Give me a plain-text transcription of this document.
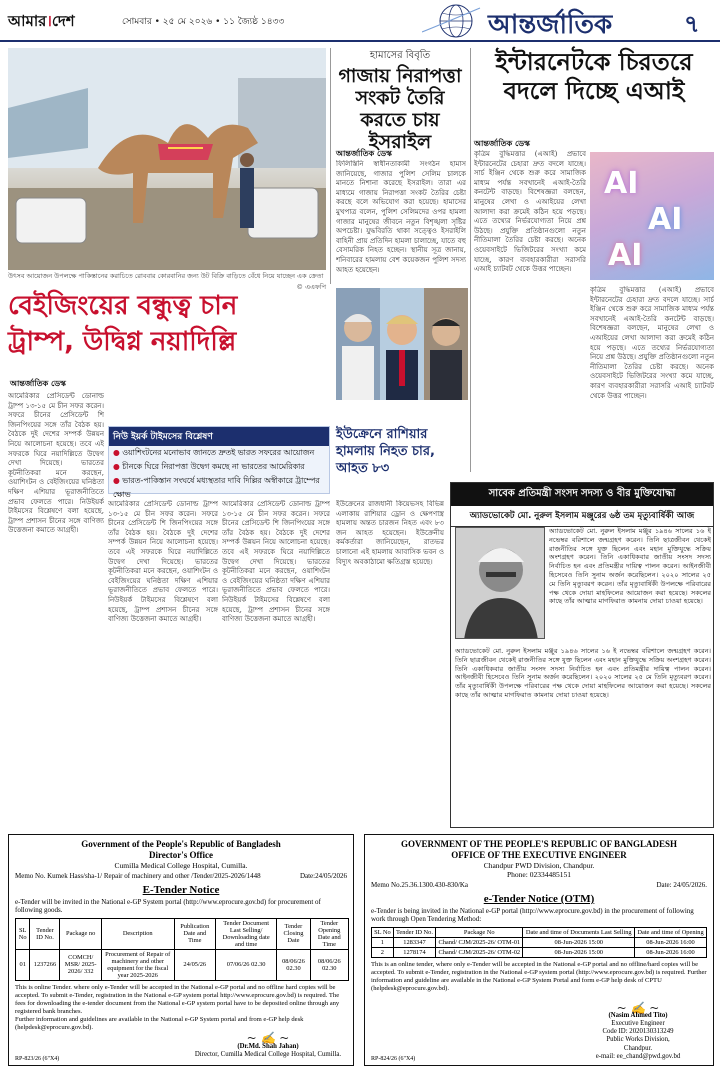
আমার।দেশ	সোমবার • ২৫ মে ২০২৬ • ১১ জ্যৈষ্ঠ ১৪৩৩	আন্তর্জাতিক	৭
উৎসব আয়োজন উপলক্ষে পাকিস্তানের করাচিতে রোববার কোরবানির জন্য উট বিক্রি বাড়িতে বেঁধে নিয়ে যাচ্ছেন এক ক্রেতা
© এএফপি
হামাসের বিবৃতি
গাজায় নিরাপত্তা সংকট তৈরি করতে চায় ইসরাইল
আন্তর্জাতিক ডেস্ক
ফিলিস্তিনি স্বাধীনতাকামী সংগঠন হামাস জানিয়েছে, গাজার পুলিশ সেলিম চালকে মানতে নিশানা করেছে ইসরাইল। তারা এর মাধ্যমে গাজায় নিরাপত্তা সংকট তৈরির চেষ্টা করছে বলে অভিযোগ করা হয়েছে। হামাসের মুখপাত্র বলেন, পুলিশ সেলিমদের ওপর হামলা গাজার মানুষের জীবনে নতুন বিশৃঙ্খলা সৃষ্টির অপচেষ্টা। যুদ্ধবিরতি থাকা সত্ত্বেও ইসরাইলি বাহিনী প্রায় প্রতিদিন হামলা চালাচ্ছে, যাতে বহু বেসামরিক নিহত হচ্ছেন। স্থানীয় সূত্র জানায়, শনিবারের হামলায় বেশ কয়েকজন পুলিশ সদস্য আহত হয়েছেন।
ইন্টারনেটকে চিরতরে বদলে দিচ্ছে এআই
আন্তর্জাতিক ডেস্ক
কৃত্রিম বুদ্ধিমত্তার (এআই) প্রভাবে ইন্টারনেটের চেহারা দ্রুত বদলে যাচ্ছে। সার্চ ইঞ্জিন থেকে শুরু করে সামাজিক মাধ্যম পর্যন্ত সবখানেই এআই-তৈরি কনটেন্ট বাড়ছে। বিশেষজ্ঞরা বলছেন, মানুষের লেখা ও এআইয়ের লেখা আলাদা করা ক্রমেই কঠিন হয়ে পড়ছে। এতে তথ্যের নির্ভরযোগ্যতা নিয়ে প্রশ্ন উঠছে। প্রযুক্তি প্রতিষ্ঠানগুলো নতুন নীতিমালা তৈরির চেষ্টা করছে। অনেক ওয়েবসাইটে ভিজিটরের সংখ্যা কমে যাচ্ছে, কারণ ব্যবহারকারীরা সরাসরি এআই চ্যাটবট থেকে উত্তর পাচ্ছেন।
AI
AI
AI
কৃত্রিম বুদ্ধিমত্তার (এআই) প্রভাবে ইন্টারনেটের চেহারা দ্রুত বদলে যাচ্ছে। সার্চ ইঞ্জিন থেকে শুরু করে সামাজিক মাধ্যম পর্যন্ত সবখানেই এআই-তৈরি কনটেন্ট বাড়ছে। বিশেষজ্ঞরা বলছেন, মানুষের লেখা ও এআইয়ের লেখা আলাদা করা ক্রমেই কঠিন হয়ে পড়ছে। এতে তথ্যের নির্ভরযোগ্যতা নিয়ে প্রশ্ন উঠছে। প্রযুক্তি প্রতিষ্ঠানগুলো নতুন নীতিমালা তৈরির চেষ্টা করছে। অনেক ওয়েবসাইটে ভিজিটরের সংখ্যা কমে যাচ্ছে, কারণ ব্যবহারকারীরা সরাসরি এআই চ্যাটবট থেকে উত্তর পাচ্ছেন।
বেইজিংয়ের বন্ধুত্ব চান
ট্রাম্প, উদ্বিগ্ন নয়াদিল্লি
আন্তর্জাতিক ডেস্ক
আমেরিকার প্রেসিডেন্ট ডোনাল্ড ট্রাম্প ১৩-১৫ মে চীন সফর করেন। সফরে চীনের প্রেসিডেন্ট শি জিনপিংয়ের সঙ্গে তাঁর বৈঠক হয়। বৈঠকে দুই দেশের সম্পর্ক উন্নয়ন নিয়ে আলোচনা হয়েছে। তবে এই সফরকে ঘিরে নয়াদিল্লিতে উদ্বেগ দেখা দিয়েছে। ভারতের কূটনীতিকরা মনে করছেন, ওয়াশিংটন ও বেইজিংয়ের ঘনিষ্ঠতা দক্ষিণ এশিয়ার ভূরাজনীতিতে প্রভাব ফেলতে পারে। নিউইয়র্ক টাইমসের বিশ্লেষণে বলা হয়েছে, ট্রাম্প প্রশাসন চীনের সঙ্গে বাণিজ্য উত্তেজনা কমাতে আগ্রহী।
আমেরিকার প্রেসিডেন্ট ডোনাল্ড ট্রাম্প ১৩-১৫ মে চীন সফর করেন। সফরে চীনের প্রেসিডেন্ট শি জিনপিংয়ের সঙ্গে তাঁর বৈঠক হয়। বৈঠকে দুই দেশের সম্পর্ক উন্নয়ন নিয়ে আলোচনা হয়েছে। তবে এই সফরকে ঘিরে নয়াদিল্লিতে উদ্বেগ দেখা দিয়েছে। ভারতের কূটনীতিকরা মনে করছেন, ওয়াশিংটন ও বেইজিংয়ের ঘনিষ্ঠতা দক্ষিণ এশিয়ার ভূরাজনীতিতে প্রভাব ফেলতে পারে। নিউইয়র্ক টাইমসের বিশ্লেষণে বলা হয়েছে, ট্রাম্প প্রশাসন চীনের সঙ্গে বাণিজ্য উত্তেজনা কমাতে আগ্রহী।
আমেরিকার প্রেসিডেন্ট ডোনাল্ড ট্রাম্প ১৩-১৫ মে চীন সফর করেন। সফরে চীনের প্রেসিডেন্ট শি জিনপিংয়ের সঙ্গে তাঁর বৈঠক হয়। বৈঠকে দুই দেশের সম্পর্ক উন্নয়ন নিয়ে আলোচনা হয়েছে। তবে এই সফরকে ঘিরে নয়াদিল্লিতে উদ্বেগ দেখা দিয়েছে। ভারতের কূটনীতিকরা মনে করছেন, ওয়াশিংটন ও বেইজিংয়ের ঘনিষ্ঠতা দক্ষিণ এশিয়ার ভূরাজনীতিতে প্রভাব ফেলতে পারে। নিউইয়র্ক টাইমসের বিশ্লেষণে বলা হয়েছে, ট্রাম্প প্রশাসন চীনের সঙ্গে বাণিজ্য উত্তেজনা কমাতে আগ্রহী।
নিউ ইয়র্ক টাইমসের বিশ্লেষণ
● ওয়াশিংটনের মনোভাব জানতে দ্রুতই ভারত সফরের আয়োজন
● চীনকে ঘিরে নিরাপত্তা উদ্বেগ কমছে না ভারতের আমেরিকার
● ভারত-পাকিস্তান সংঘর্ষে মধ্যস্থতার দাবি দিল্লির অস্বীকারে ট্রাম্পের ক্ষোভ
ইউক্রেনে রাশিয়ার হামলায় নিহত চার, আহত ৮৩
ইউক্রেনের রাজধানী কিয়েভসহ বিভিন্ন এলাকায় রাশিয়ার ড্রোন ও ক্ষেপণাস্ত্র হামলায় অন্তত চারজন নিহত এবং ৮৩ জন আহত হয়েছেন। ইউক্রেনীয় কর্মকর্তারা জানিয়েছেন, রাতভর চালানো এই হামলায় আবাসিক ভবন ও বিদ্যুৎ অবকাঠামো ক্ষতিগ্রস্ত হয়েছে।
সাবেক প্রতিমন্ত্রী সংসদ সদস্য ও বীর মুক্তিযোদ্ধা
অ্যাডভোকেট মো. নুরুল ইসলাম মঞ্জুরের ৬ষ্ঠ তম মৃত্যুবার্ষিকী আজ
অ্যাডভোকেট মো. নুরুল ইসলাম মঞ্জুর ১৯৪৬ সালের ১৬ ই নভেম্বর বরিশালে জন্মগ্রহণ করেন। তিনি ছাত্রজীবন থেকেই রাজনীতির সঙ্গে যুক্ত ছিলেন এবং মহান মুক্তিযুদ্ধে সক্রিয় অংশগ্রহণ করেন। তিনি একাধিকবার জাতীয় সংসদ সদস্য নির্বাচিত হন এবং প্রতিমন্ত্রীর দায়িত্ব পালন করেন। আইনজীবী হিসেবেও তিনি সুনাম অর্জন করেছিলেন। ২০২০ সালের ২৫ মে তিনি মৃত্যুবরণ করেন। তাঁর মৃত্যুবার্ষিকী উপলক্ষে পরিবারের পক্ষ থেকে দোয়া মাহফিলের আয়োজন করা হয়েছে। সকলের কাছে তাঁর আত্মার মাগফিরাত কামনায় দোয়া চাওয়া হয়েছে।
অ্যাডভোকেট মো. নুরুল ইসলাম মঞ্জুর ১৯৪৬ সালের ১৬ ই নভেম্বর বরিশালে জন্মগ্রহণ করেন। তিনি ছাত্রজীবন থেকেই রাজনীতির সঙ্গে যুক্ত ছিলেন এবং মহান মুক্তিযুদ্ধে সক্রিয় অংশগ্রহণ করেন। তিনি একাধিকবার জাতীয় সংসদ সদস্য নির্বাচিত হন এবং প্রতিমন্ত্রীর দায়িত্ব পালন করেন। আইনজীবী হিসেবেও তিনি সুনাম অর্জন করেছিলেন। ২০২০ সালের ২৫ মে তিনি মৃত্যুবরণ করেন। তাঁর মৃত্যুবার্ষিকী উপলক্ষে পরিবারের পক্ষ থেকে দোয়া মাহফিলের আয়োজন করা হয়েছে। সকলের কাছে তাঁর আত্মার মাগফিরাত কামনায় দোয়া চাওয়া হয়েছে।
Government of the People's Republic of Bangladesh
Director's Office
Cumilla Medical College Hospital, Cumilla.
Memo No. Kumek Hass/sha-1/ Repair of machinery and other /Tender/2025-2026/1448	Date:24/05/2026
E-Tender Notice
e-Tender will be invited in the National e-GP System portal (http://www.eprocure.gov.bd) for procurement of following goods.
SL No	Tender ID No.	Package no	Description	Publication Date and Time	Tender Document Last Selling/ Downloading date and time	Tender Closing Date	Tender Opening Date and Time
01	1237266	COMCH/ MSR/ 2025- 2026/ 332	Procurement of Repair of machinery and other equipment for the fiscal year 2025-2026	24/05/26	07/06/26 02.30	08/06/26 02.30	08/06/26 02.30
This is online Tender. where only e-Tender will be accepted in the National e-GP portal and no offline hard copies will be accepted. To submit e-Tender, registration in the National e-GP system portal http://www.eprocure.gov.bd) is required. The fees for downloading the e-tender document from the National e-GP system portal have to be deposited online through any registered bank branches.
Further information and guidelines are available in the National e-GP System portal and from e-GP help desk (helpdesk@eprocure.gov.bd).
~ ✍ ~
(Dr.Md. Shah Jahan)
Director, Cumilla Medical College Hospital, Cumilla.
RP-823/26 (6"X4)
GOVERNMENT OF THE PEOPLE'S REPUBLIC OF BANGLADESH
OFFICE OF THE EXECUTIVE ENGINEER
Chandpur PWD Division, Chandpur.
Phone: 02334485151
Memo No.25.36.1300.430-830/Ka	Date: 24/05/2026.
e-Tender Notice (OTM)
e-Tender is being invited in the National e-GP portal (http://www.eprocure.gov.bd) in the procurement of following work through Open Tendering Method:
SL No	Tender ID No.	Package No	Date and time of Documents Last Selling	Date and time of Opening
1	1283347	Chand/ CJM/2025-26/ OTM-01	08-Jun-2026 15:00	08-Jun-2026 16:00
2	1278174	Chand/ CJM/2025-26/ OTM-02	08-Jun-2026 15:00	08-Jun-2026 16:00
This is an online tender, where only e-Tender will be accepted in the National e-GP portal and no offline/hard copies will be accepted. To submit e-Tender, registration in the National e-GP system portal (http://www.eprocure.gov.bd) is required. Further information and guideline are available in the National e-GP System Portal and form e-GP help desk of CPTU (helpdesk@eprocure.gov.bd).
~ ✍ ~
(Nasim Ahmed Tito)
Executive Engineer
Code ID: 2020130313249
Public Works Division,
Chandpur.
e-mail: ee_chand@pwd.gov.bd
RP-824/26 (6"X4)
